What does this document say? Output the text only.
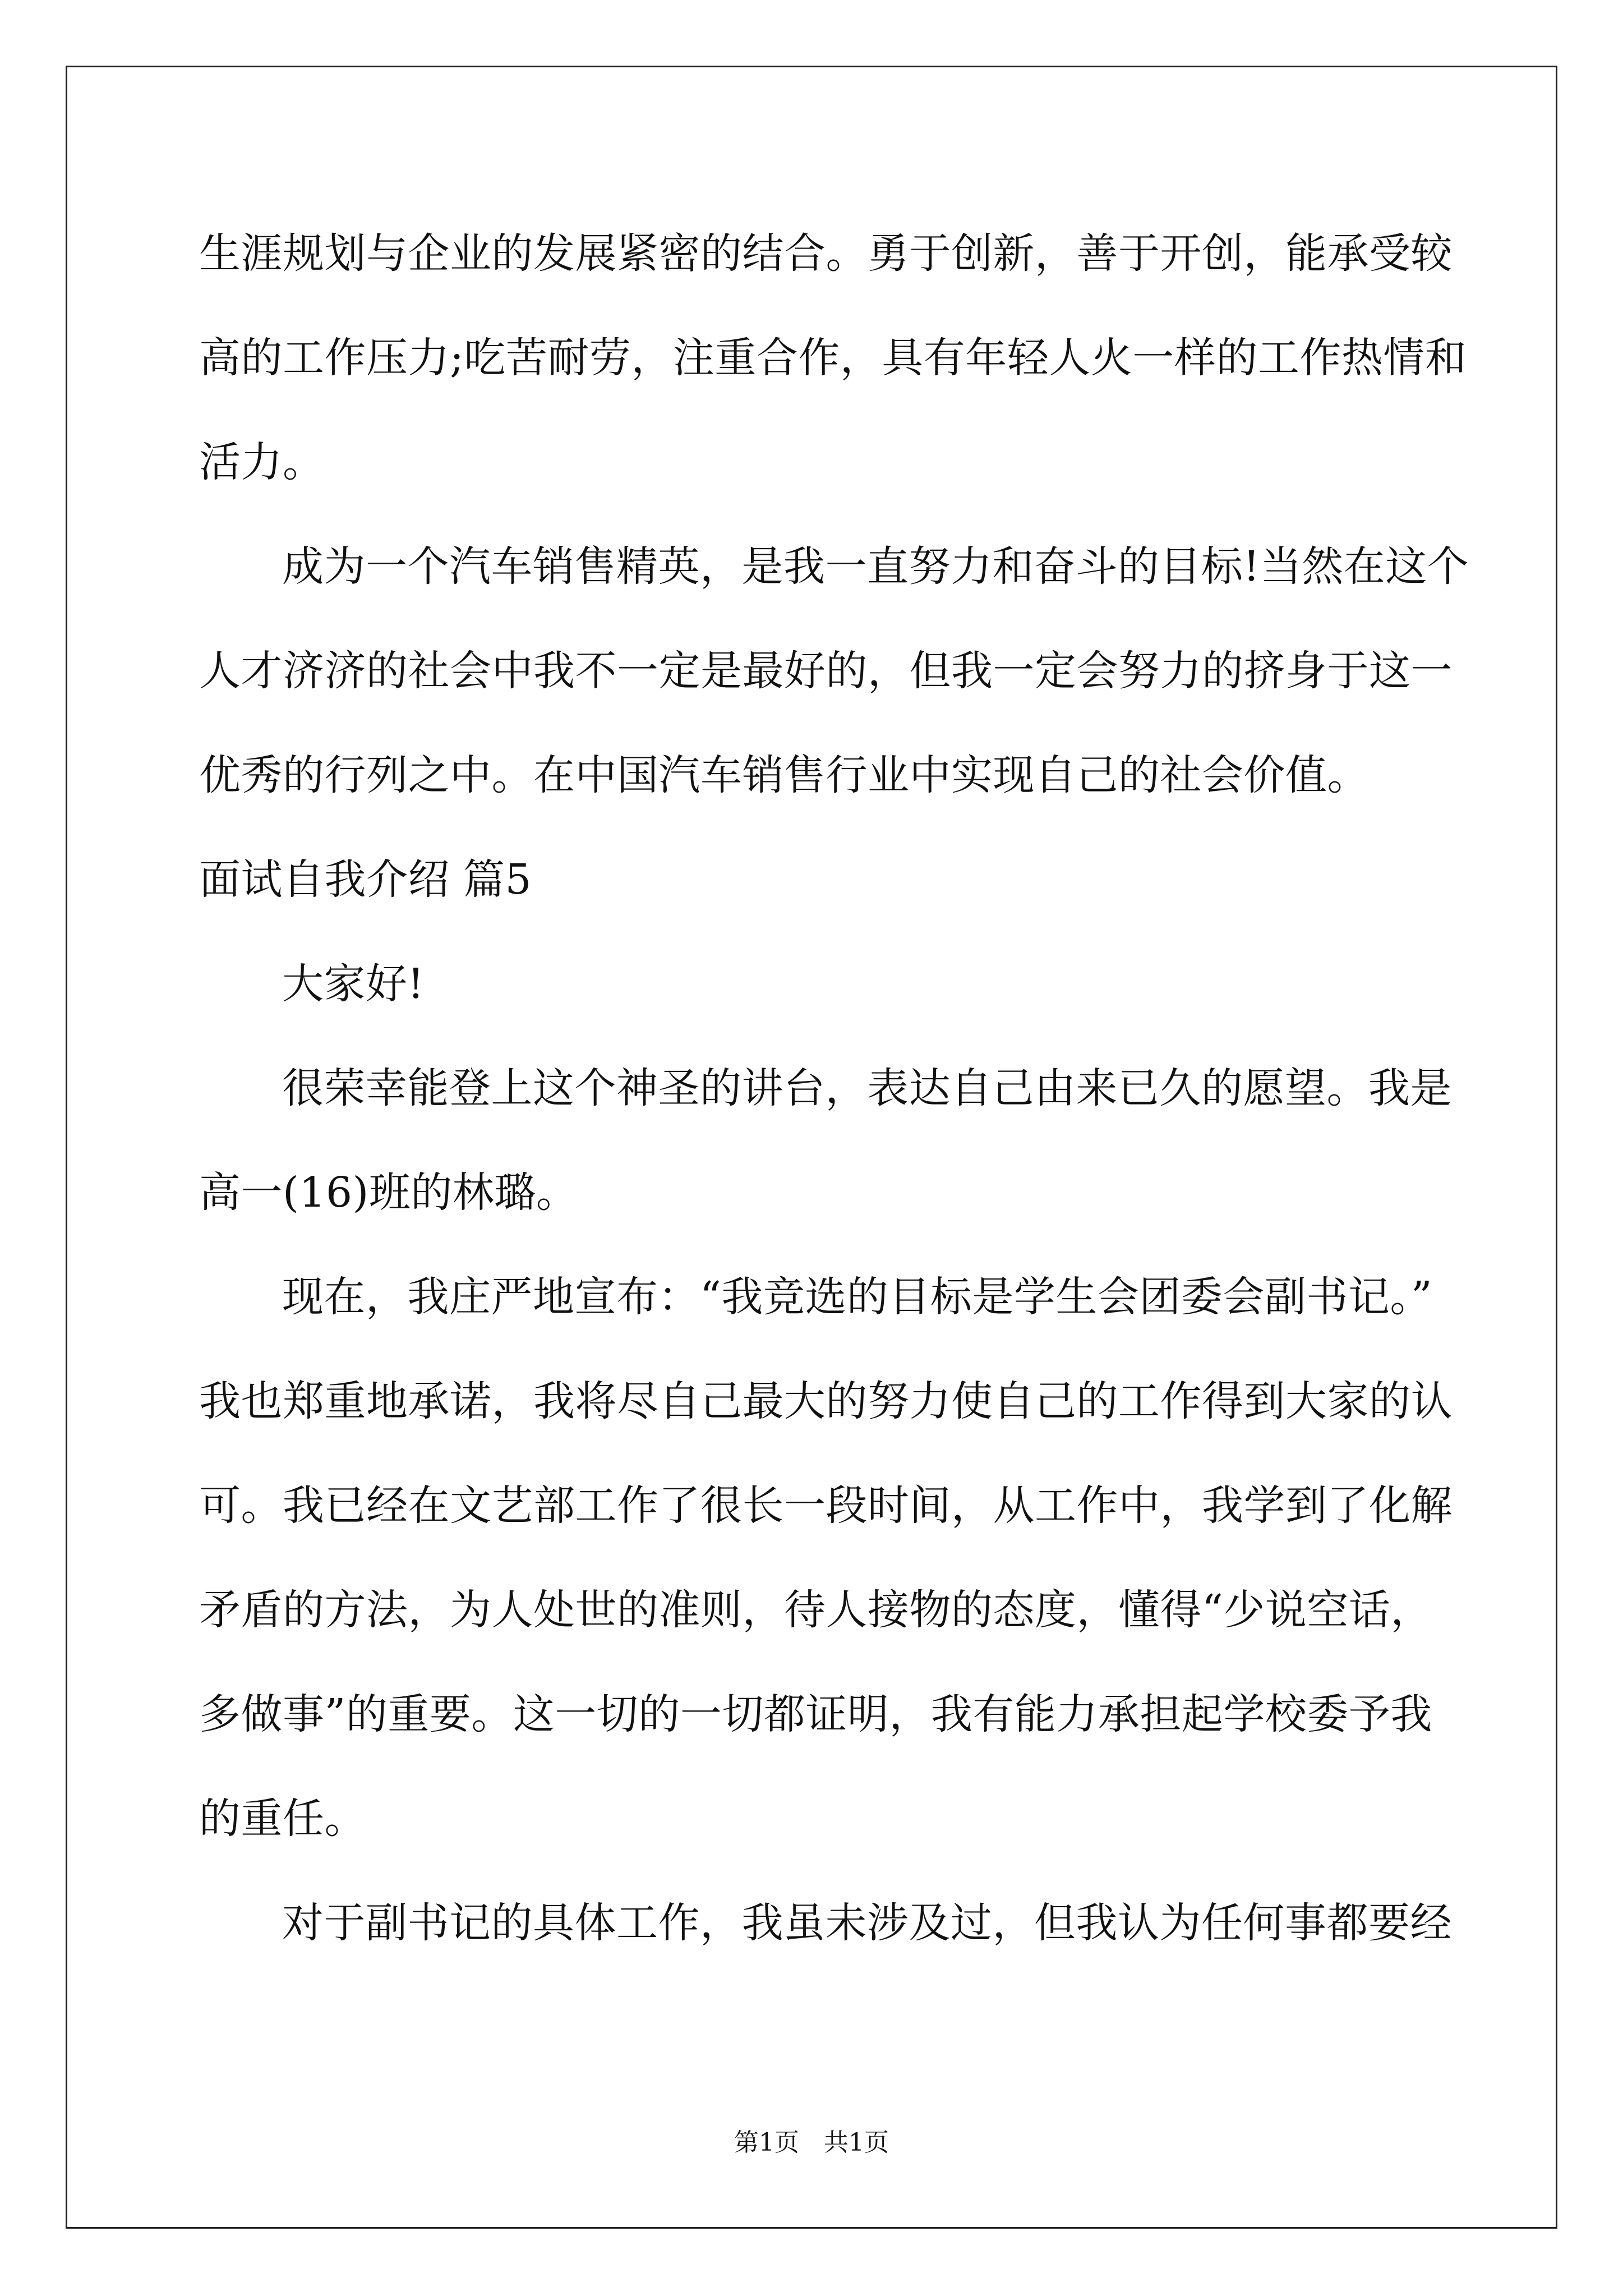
生涯规划与企业的发展紧密的结合。勇于创新，善于开创，能承受较
高的工作压力;吃苦耐劳，注重合作，具有年轻人火一样的工作热情和
活力。
成为一个汽车销售精英，是我一直努力和奋斗的目标!当然在这个
人才济济的社会中我不一定是最好的，但我一定会努力的挤身于这一
优秀的行列之中。在中国汽车销售行业中实现自己的社会价值。
面试自我介绍 篇5
大家好!
很荣幸能登上这个神圣的讲台，表达自己由来已久的愿望。我是
高一(16)班的林璐。
现在，我庄严地宣布：“我竞选的目标是学生会团委会副书记。”
我也郑重地承诺，我将尽自己最大的努力使自己的工作得到大家的认
可。我已经在文艺部工作了很长一段时间，从工作中，我学到了化解
矛盾的方法，为人处世的准则，待人接物的态度，懂得“少说空话，
多做事”的重要。这一切的一切都证明，我有能力承担起学校委予我
的重任。
对于副书记的具体工作，我虽未涉及过，但我认为任何事都要经
第1页　共1页
